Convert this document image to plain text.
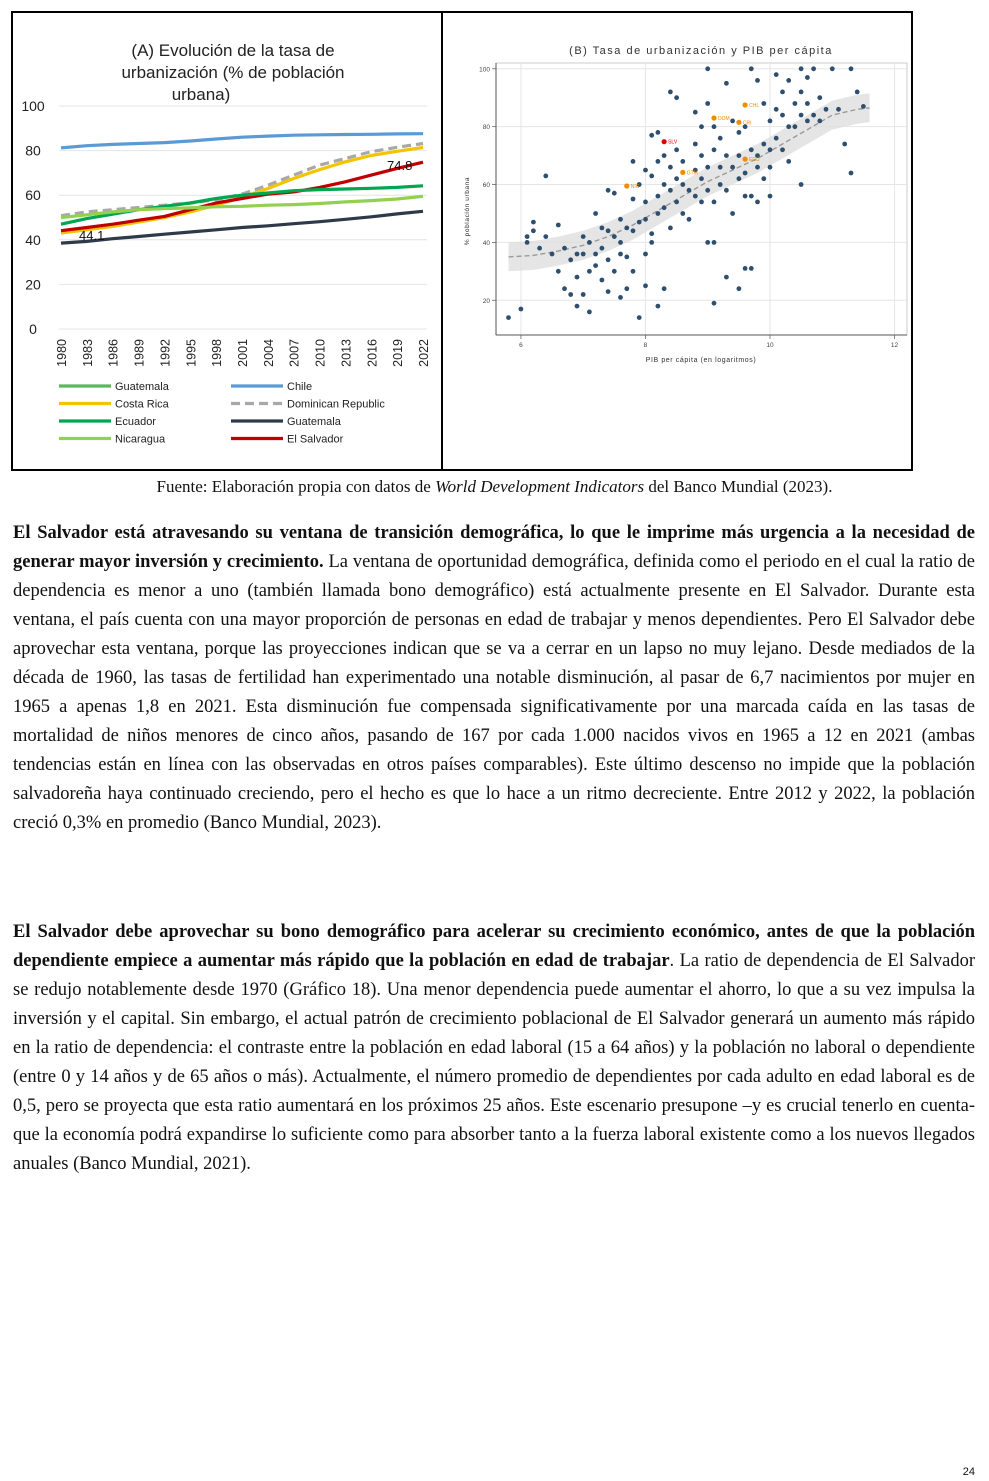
(A) Evolución de la tasa de
urbanización (% de población
urbana)
0
20
40
60
80
100
1980 1983 1986 1989 1992 1995 1998 2001 2004 2007 2010 2013 2016 2019 2022
74.8
44.1
Guatemala	Chile
Costa Rica	Dominican Republic
Ecuador	Guatemala
Nicaragua	El Salvador
(B) Tasa de urbanización y PIB per cápita
CHL
DOM
CRI
SLV
GTM
ECU
NIC
20
40
60
80
100
6	8	10	12
PIB per cápita (en logaritmos)
% población urbana
Fuente: Elaboración propia con datos de World Development Indicators del Banco Mundial (2023).

El Salvador está atravesando su ventana de transición demográfica, lo que le imprime más urgencia a la necesidad de generar mayor inversión y crecimiento. La ventana de oportunidad demográfica, definida como el periodo en el cual la ratio de dependencia es menor a uno (también llamada bono demográfico) está actualmente presente en El Salvador. Durante esta ventana, el país cuenta con una mayor proporción de personas en edad de trabajar y menos dependientes. Pero El Salvador debe aprovechar esta ventana, porque las proyecciones indican que se va a cerrar en un lapso no muy lejano. Desde mediados de la década de 1960, las tasas de fertilidad han experimentado una notable disminución, al pasar de 6,7 nacimientos por mujer en 1965 a apenas 1,8 en 2021. Esta disminución fue compensada significativamente por una marcada caída en las tasas de mortalidad de niños menores de cinco años, pasando de 167 por cada 1.000 nacidos vivos en 1965 a 12 en 2021 (ambas tendencias están en línea con las observadas en otros países comparables). Este último descenso no impide que la población salvadoreña haya continuado creciendo, pero el hecho es que lo hace a un ritmo decreciente. Entre 2012 y 2022, la población creció 0,3% en promedio (Banco Mundial, 2023).

El Salvador debe aprovechar su bono demográfico para acelerar su crecimiento económico, antes de que la población dependiente empiece a aumentar más rápido que la población en edad de trabajar. La ratio de dependencia de El Salvador se redujo notablemente desde 1970 (Gráfico 18). Una menor dependencia puede aumentar el ahorro, lo que a su vez impulsa la inversión y el capital. Sin embargo, el actual patrón de crecimiento poblacional de El Salvador generará un aumento más rápido en la ratio de dependencia: el contraste entre la población en edad laboral (15 a 64 años) y la población no laboral o dependiente (entre 0 y 14 años y de 65 años o más). Actualmente, el número promedio de dependientes por cada adulto en edad laboral es de 0,5, pero se proyecta que esta ratio aumentará en los próximos 25 años. Este escenario presupone –y es crucial tenerlo en cuenta- que la economía podrá expandirse lo suficiente como para absorber tanto a la fuerza laboral existente como a los nuevos llegados anuales (Banco Mundial, 2021).

24
